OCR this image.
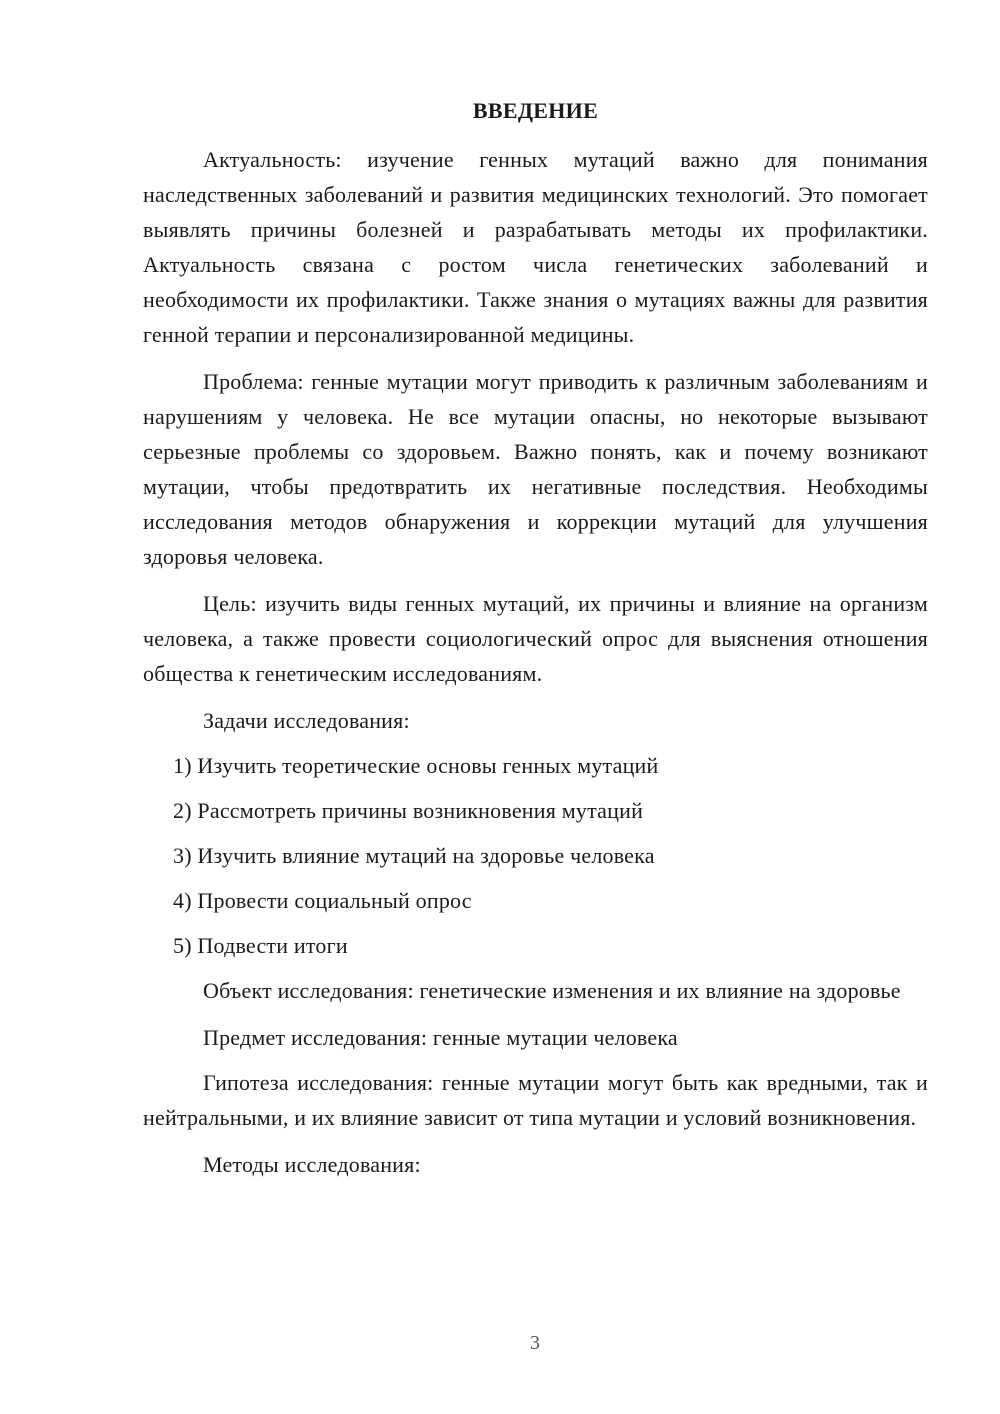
ВВЕДЕНИЕ

Актуальность: изучение генных мутаций важно для понимания наследственных заболеваний и развития медицинских технологий. Это помогает выявлять причины болезней и разрабатывать методы их профилактики. Актуальность связана с ростом числа генетических заболеваний и необходимости их профилактики. Также знания о мутациях важны для развития генной терапии и персонализированной медицины.

Проблема: генные мутации могут приводить к различным заболеваниям и нарушениям у человека. Не все мутации опасны, но некоторые вызывают серьезные проблемы со здоровьем. Важно понять, как и почему возникают мутации, чтобы предотвратить их негативные последствия. Необходимы исследования методов обнаружения и коррекции мутаций для улучшения здоровья человека.

Цель: изучить виды генных мутаций, их причины и влияние на организм человека, а также провести социологический опрос для выяснения отношения общества к генетическим исследованиям.

Задачи исследования:

1) Изучить теоретические основы генных мутаций

2) Рассмотреть причины возникновения мутаций

3) Изучить влияние мутаций на здоровье человека

4) Провести социальный опрос

5) Подвести итоги

Объект исследования: генетические изменения и их влияние на здоровье

Предмет исследования: генные мутации человека

Гипотеза исследования: генные мутации могут быть как вредными, так и нейтральными, и их влияние зависит от типа мутации и условий возникновения.

Методы исследования:

3
